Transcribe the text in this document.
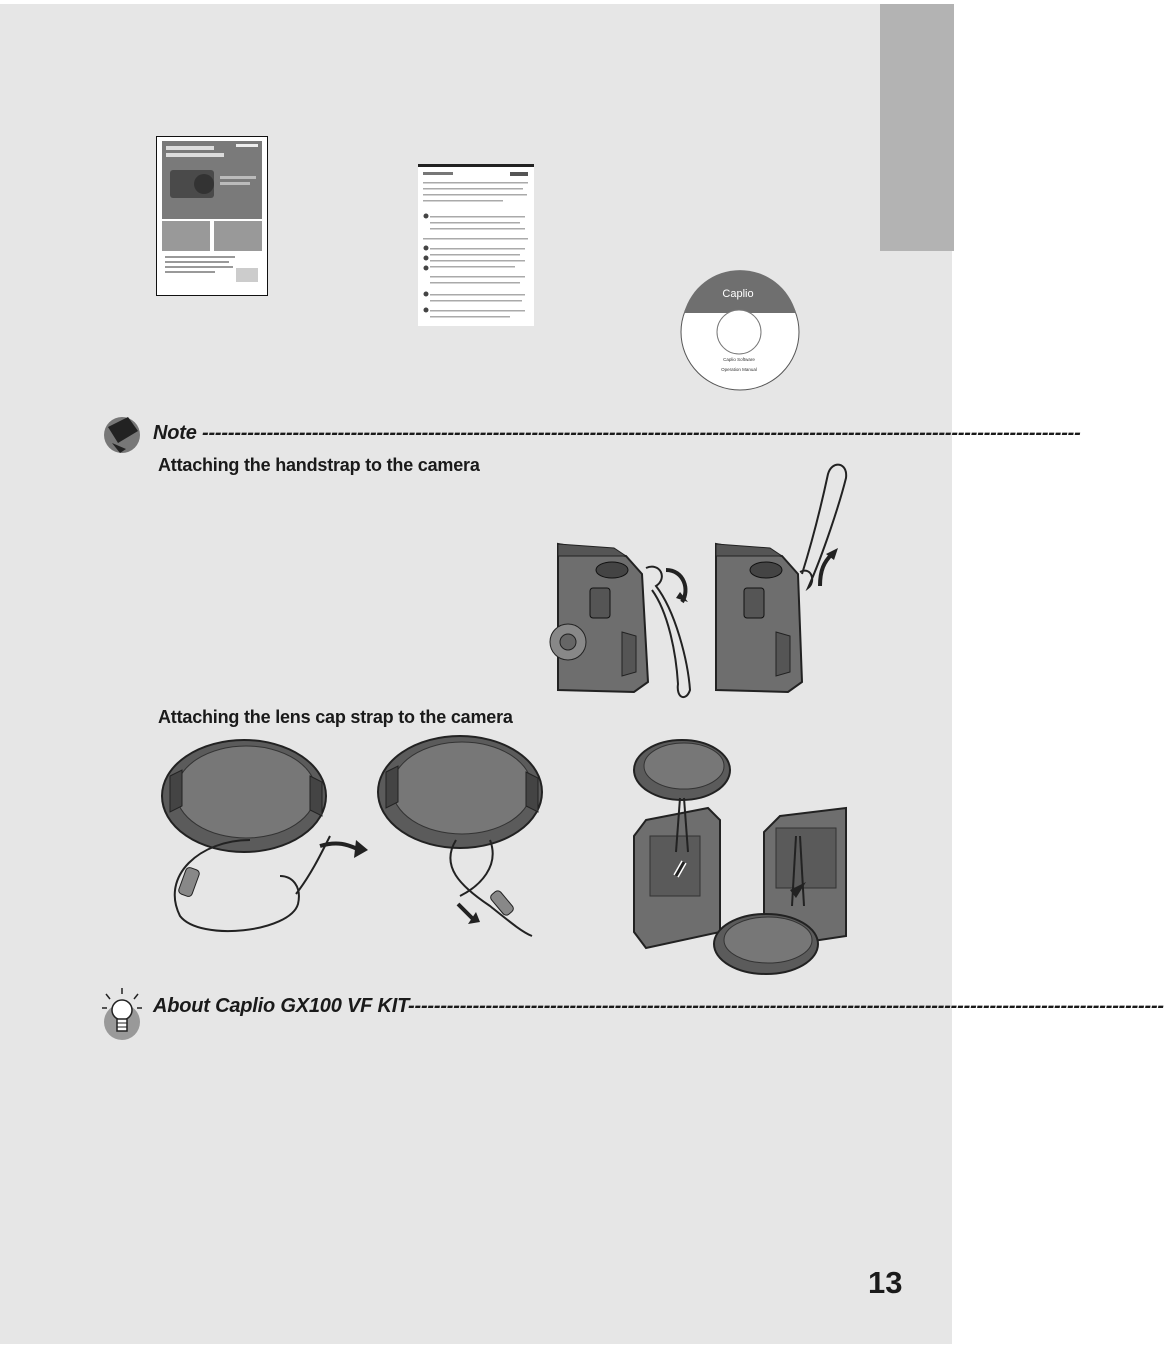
Caplio
Caplio Software
Operation Manual
Note ----------------------------------------------------------------------------------------------------------------------------------------
Attaching the handstrap to the camera
Attaching the lens cap strap to the camera
About Caplio GX100 VF KIT---------------------------------------------------------------------------------------------------------------------
13
